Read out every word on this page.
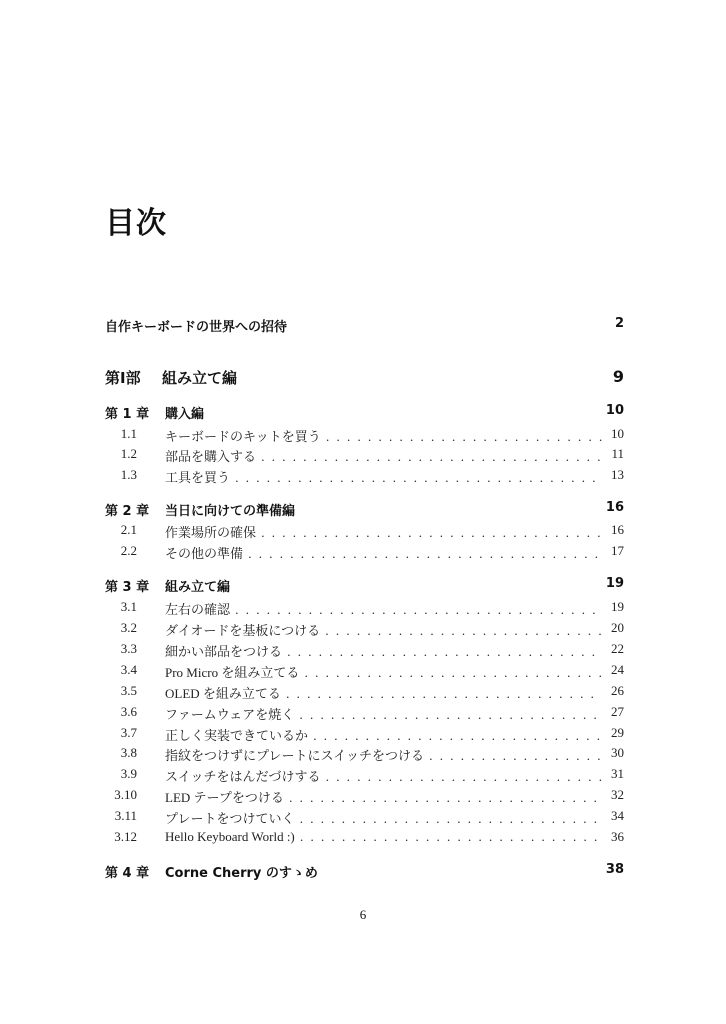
目次
自作キーボードの世界への招待	2
第Ⅰ部 組み立て編	9
第 1 章 購入編	10
1.1 キーボードのキットを買う . . .	10
1.2 部品を購入する . . .	11
1.3 工具を買う . . .	13
第 2 章 当日に向けての準備編	16
2.1 作業場所の確保 . . .	16
2.2 その他の準備 . . .	17
第 3 章 組み立て編	19
3.1 左右の確認 . . .	19
3.2 ダイオードを基板につける . . .	20
3.3 細かい部品をつける . . .	22
3.4 Pro Micro を組み立てる . . .	24
3.5 OLED を組み立てる . . .	26
3.6 ファームウェアを焼く . . .	27
3.7 正しく実装できているか . . .	29
3.8 指紋をつけずにプレートにスイッチをつける . . .	30
3.9 スイッチをはんだづけする . . .	31
3.10 LED テープをつける . . .	32
3.11 プレートをつけていく . . .	34
3.12 Hello Keyboard World :) . . .	36
第 4 章 Corne Cherry のすゝめ	38
6
